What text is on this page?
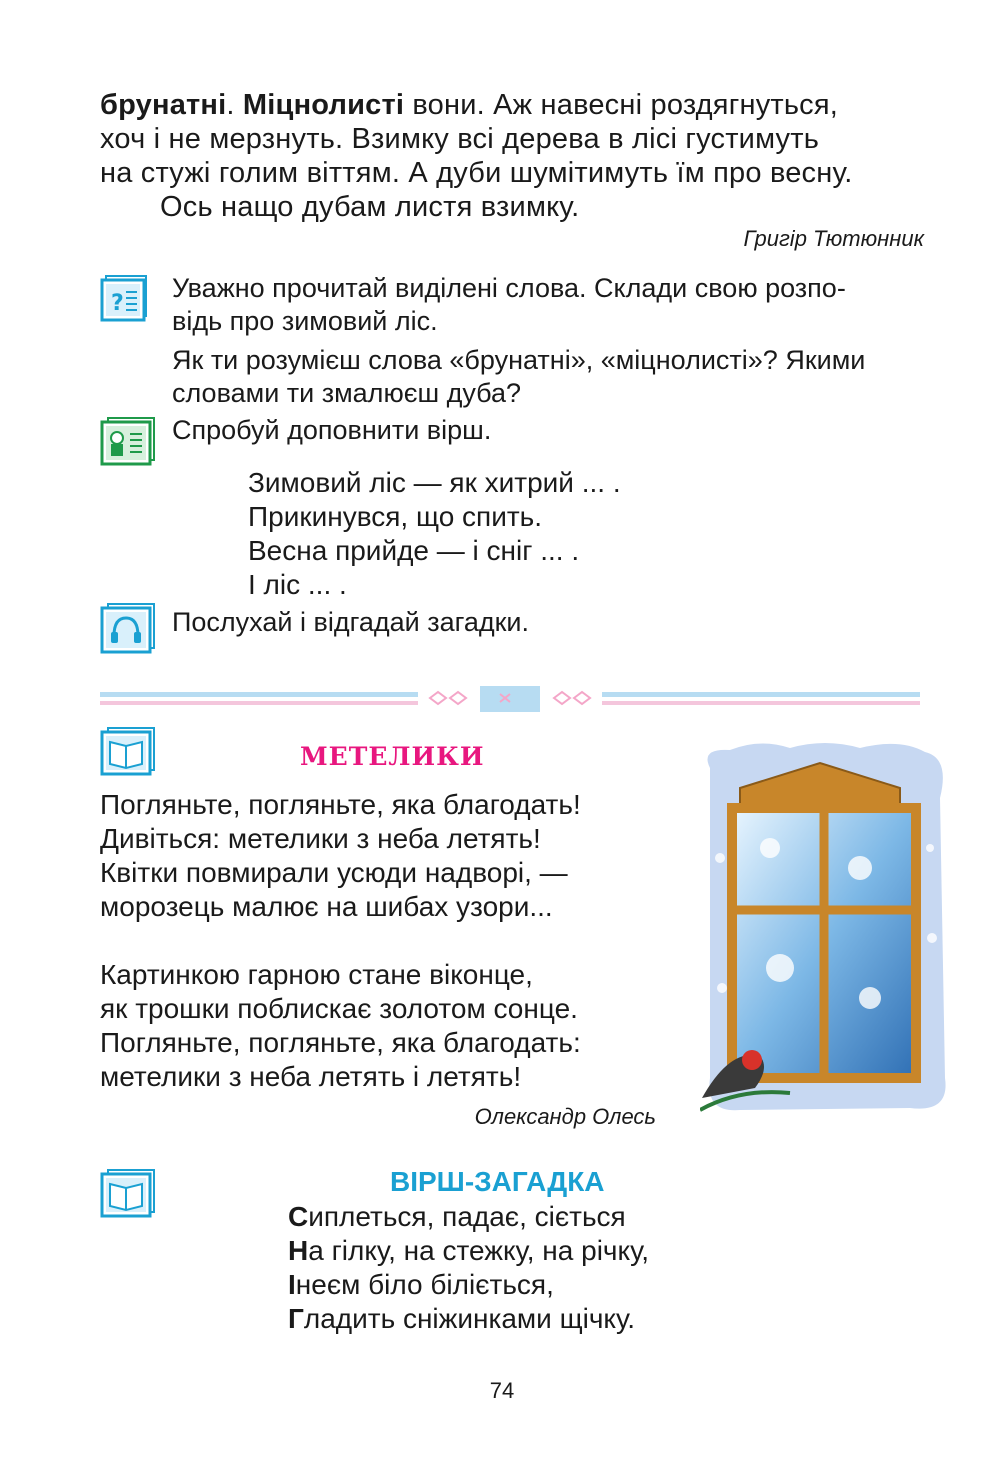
брунатні. Міцнолисті вони. Аж навесні роздягнуться,
хоч і не мерзнуть. Взимку всі дерева в лісі густимуть
на стужі голим віттям. А дуби шумітимуть їм про весну.
Ось нащо дубам листя взимку.
Григір Тютюнник
?
Уважно прочитай виділені слова. Склади свою розпо-
відь про зимовий ліс.
Як ти розумієш слова «брунатні», «міцнолисті»? Якими
словами ти змалюєш дуба?
Спробуй доповнити вірш.
Зимовий ліс — як хитрий ... .
Прикинувся, що спить.
Весна прийде — і сніг ... .
І ліс ... .
Послухай і відгадай загадки.
МЕТЕЛИКИ
Погляньте, погляньте, яка благодать!
Дивіться: метелики з неба летять!
Квітки повмирали усюди надворі, —
морозець малює на шибах узори...
Картинкою гарною стане віконце,
як трошки поблискає золотом сонце.
Погляньте, погляньте, яка благодать:
метелики з неба летять і летять!
Олександр Олесь
ВІРШ-ЗАГАДКА
Сиплеться, падає, сіється
На гілку, на стежку, на річку,
Інеєм біло біліється,
Гладить сніжинками щічку.
74
